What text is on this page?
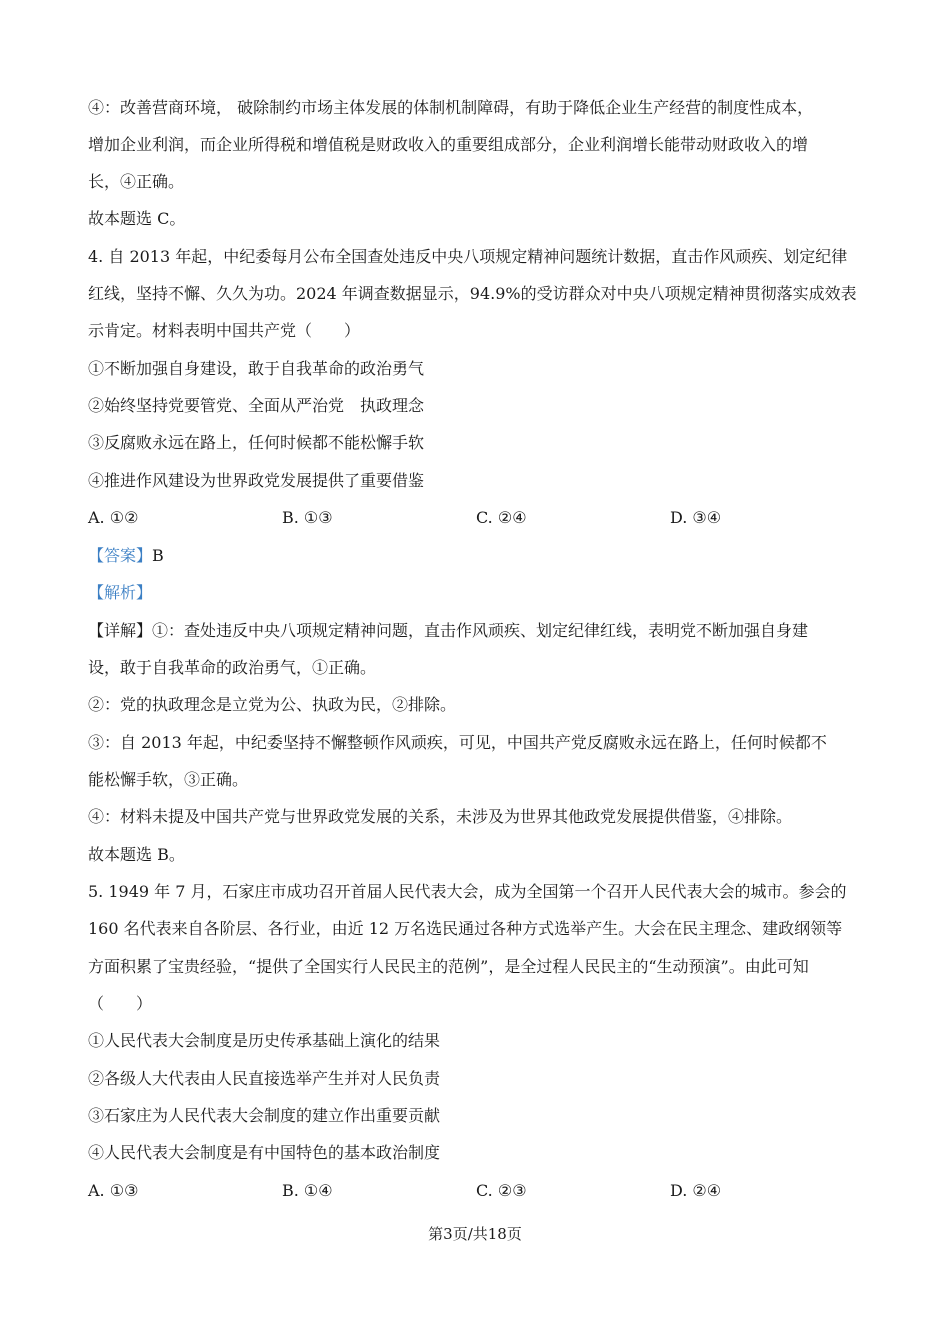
④：改善营商环境， 破除制约市场主体发展的体制机制障碍，有助于降低企业生产经营的制度性成本，
增加企业利润，而企业所得税和增值税是财政收入的重要组成部分，企业利润增长能带动财政收入的增
长，④正确。
故本题选 C。
4. 自 2013 年起，中纪委每月公布全国查处违反中央八项规定精神问题统计数据，直击作风顽疾、划定纪律
红线，坚持不懈、久久为功。2024 年调查数据显示，94.9%的受访群众对中央八项规定精神贯彻落实成效表
示肯定。材料表明中国共产党（　　）
①不断加强自身建设，敢于自我革命的政治勇气
②始终坚持党要管党、全面从严治党　执政理念
③反腐败永远在路上，任何时候都不能松懈手软
④推进作风建设为世界政党发展提供了重要借鉴
A. ①②	B. ①③	C. ②④	D. ③④
【答案】B
【解析】
【详解】①：查处违反中央八项规定精神问题，直击作风顽疾、划定纪律红线，表明党不断加强自身建
设，敢于自我革命的政治勇气，①正确。
②：党的执政理念是立党为公、执政为民，②排除。
③：自 2013 年起，中纪委坚持不懈整顿作风顽疾，可见，中国共产党反腐败永远在路上，任何时候都不
能松懈手软，③正确。
④：材料未提及中国共产党与世界政党发展的关系，未涉及为世界其他政党发展提供借鉴，④排除。
故本题选 B。
5. 1949 年 7 月，石家庄市成功召开首届人民代表大会，成为全国第一个召开人民代表大会的城市。参会的
160 名代表来自各阶层、各行业，由近 12 万名选民通过各种方式选举产生。大会在民主理念、建政纲领等
方面积累了宝贵经验，“提供了全国实行人民民主的范例”，是全过程人民民主的“生动预演”。由此可知
（　　）
①人民代表大会制度是历史传承基础上演化的结果
②各级人大代表由人民直接选举产生并对人民负责
③石家庄为人民代表大会制度的建立作出重要贡献
④人民代表大会制度是有中国特色的基本政治制度
A. ①③	B. ①④	C. ②③	D. ②④
第3页/共18页
